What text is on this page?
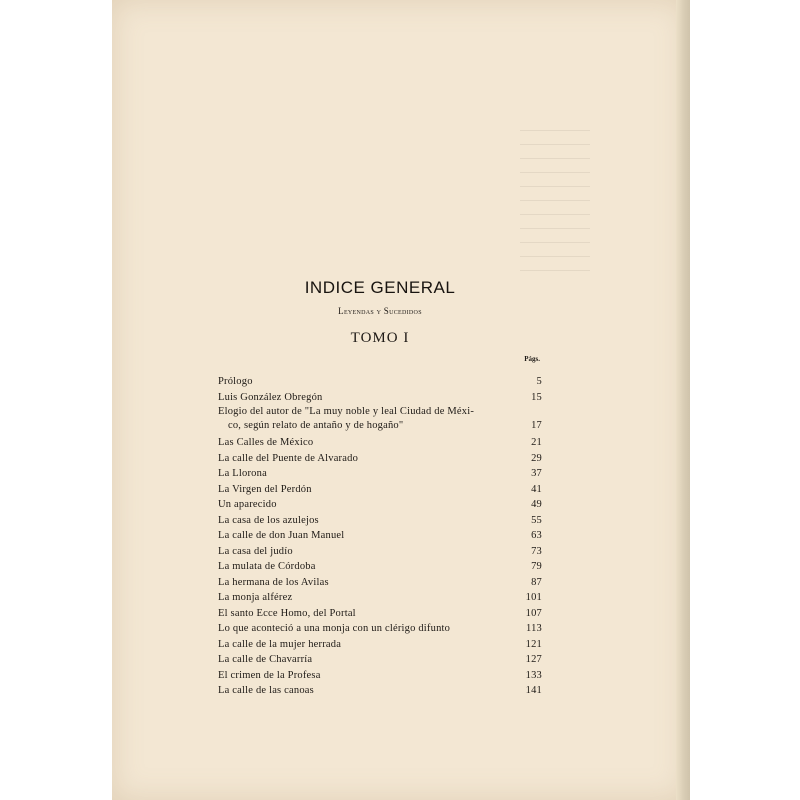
INDICE GENERAL
Leyendas y Sucedidos
TOMO I
Págs.
Prólogo	5
Luis González Obregón	15
Elogio del autor de "La muy noble y leal Ciudad de Méxi-
co, según relato de antaño y de hogaño"	17
Las Calles de México	21
La calle del Puente de Alvarado	29
La Llorona	37
La Virgen del Perdón	41
Un aparecido	49
La casa de los azulejos	55
La calle de don Juan Manuel	63
La casa del judío	73
La mulata de Córdoba	79
La hermana de los Avilas	87
La monja alférez	101
El santo Ecce Homo, del Portal	107
Lo que aconteció a una monja con un clérigo difunto	113
La calle de la mujer herrada	121
La calle de Chavarría	127
El crimen de la Profesa	133
La calle de las canoas	141
